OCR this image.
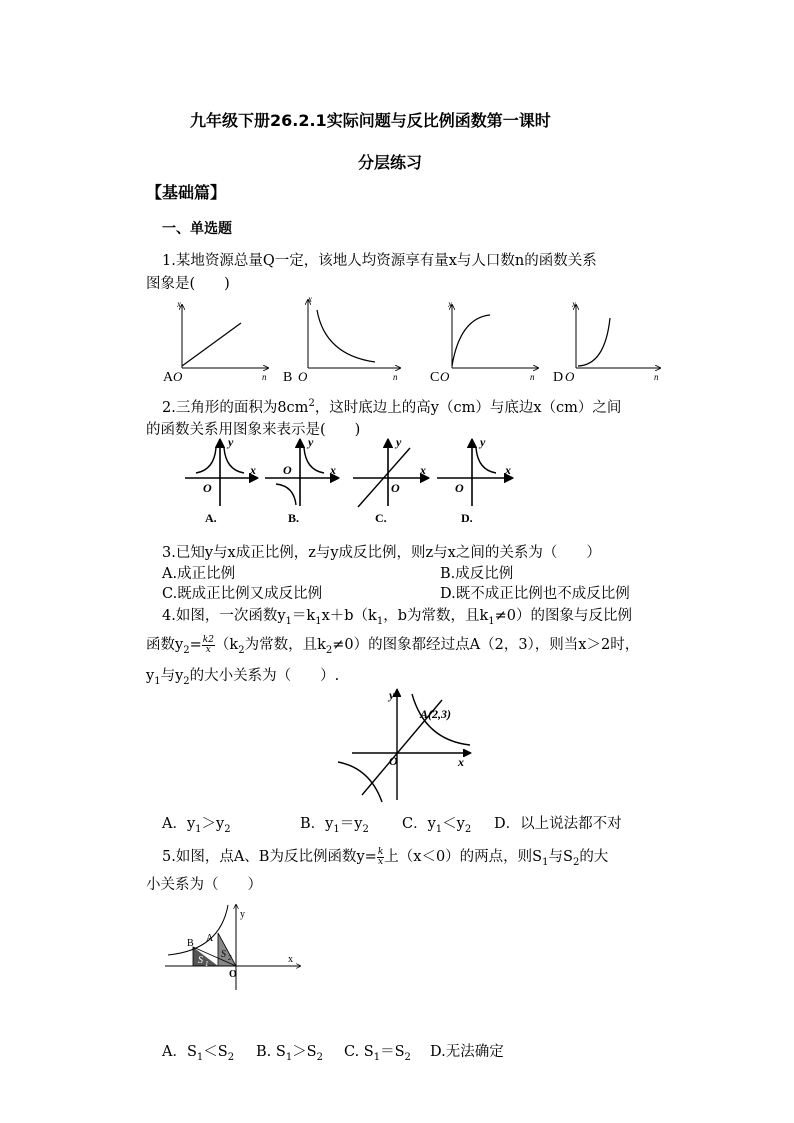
九年级下册26.2.1实际问题与反比例函数第一课时
分层练习
【基础篇】
一、单选题
1.某地资源总量Q一定，该地人均资源享有量x与人口数n的函数关系
图象是(　　)
x
n
A O
x
n
B O
x
n
C O
x
n
D O
2.三角形的面积为$8cm^2$，这时底边上的高y（cm）与底边x（cm）之间
的函数关系用图象来表示是(　　)
y
x
O
A.
y
x
O
B.
y
x
O
C.
y
x
O
D.
3.已知y与x成正比例，z与y成反比例，则z与x之间的关系为（　　）
A.成正比例	B.成反比例
C.既成正比例又成反比例	D.既不成正比例也不成反比例
4.如图，一次函数$y_1=k_1x+b(k_1$，b为常数，且$k_1\ne 0$）的图象与反比例
函数$y_2= \frac{k2}{x} (k_2$为常数，且$k_2\ne 0$）的图象都经过点A（2，3），则当x＞2时，
$y_1$与$y_2$的大小关系为（　　）.
y
x
O
A(2,3)
A．$y_1>y_2$	B．$y_1=y_2$ C．$y_1<y_2$ D．以上说法都不对
5.如图，点A、B为反比例函数$y= \frac{k}{x}$ 上（x＜0）的两点，则$S_1$与$S_2$的大
小关系为（　　）
y
x
O
A
B
S 1
S 2
A．$S_1<S_2$ B. $S_1>S_2$ C. $S_1=S_2$ D.无法确定
